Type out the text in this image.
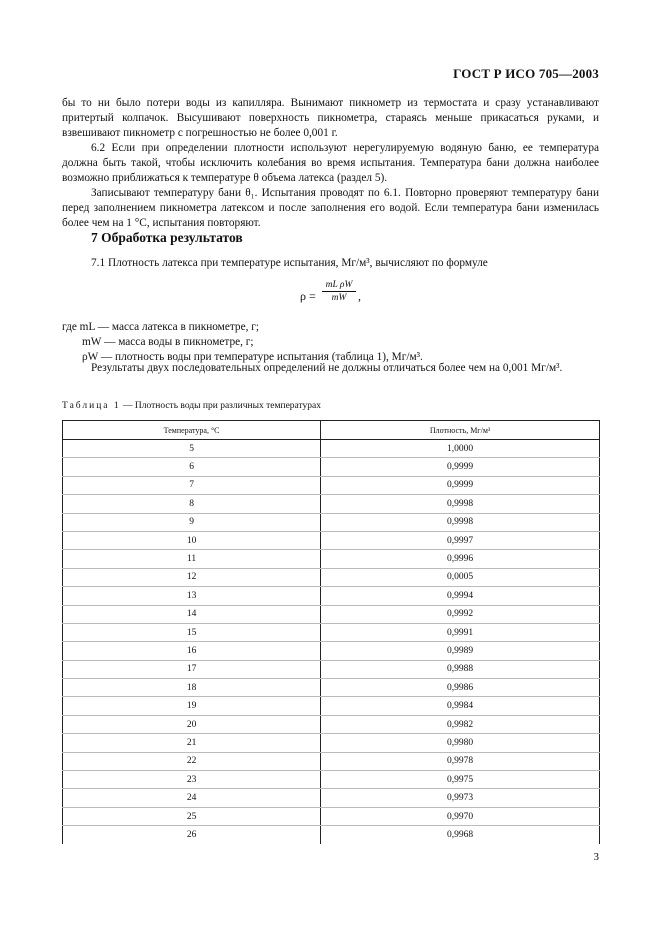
ГОСТ Р ИСО 705—2003

бы то ни было потери воды из капилляра. Вынимают пикнометр из термостата и сразу устанавливают притертый колпачок. Высушивают поверхность пикнометра, стараясь меньше прикасаться руками, и взвешивают пикнометр с погрешностью не более 0,001 г.

6.2 Если при определении плотности используют нерегулируемую водяную баню, ее температура должна быть такой, чтобы исключить колебания во время испытания. Температура бани должна наиболее возможно приближаться к температуре θ объема латекса (раздел 5).

Записывают температуру бани θ₁. Испытания проводят по 6.1. Повторно проверяют температуру бани перед заполнением пикнометра латексом и после заполнения его водой. Если температура бани изменилась более чем на 1 °С, испытания повторяют.

7 Обработка результатов
7.1 Плотность латекса при температуре испытания, Мг/м³, вычисляют по формуле
ρ =
mL ρW
mW ,
где mL — масса латекса в пикнометре, г;
mW — масса воды в пикнометре, г;
ρW — плотность воды при температуре испытания (таблица 1), Мг/м³.

Результаты двух последовательных определений не должны отличаться более чем на 0,001 Мг/м³.

Таблица 1 — Плотность воды при различных температурах
Температура, °С	Плотность, Мг/м³
5	1,0000
6	0,9999
7	0,9999
8	0,9998
9	0,9998
10	0,9997
11	0,9996
12	0,0005
13	0,9994
14	0,9992
15	0,9991
16	0,9989
17	0,9988
18	0,9986
19	0,9984
20	0,9982
21	0,9980
22	0,9978
23	0,9975
24	0,9973
25	0,9970
26	0,9968
3
